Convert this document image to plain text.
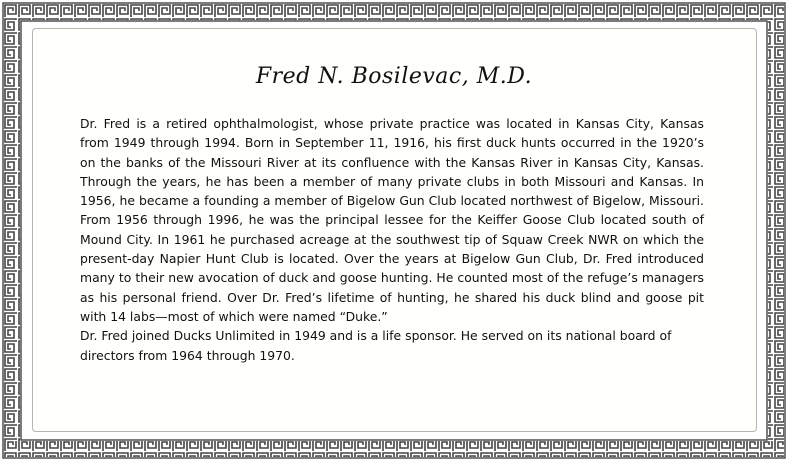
Fred N. Bosilevac, M.D.

Dr. Fred is a retired ophthalmologist, whose private practice was located in Kansas City, Kansas from 1949 through 1994. Born in September 11, 1916, his first duck hunts occurred in the 1920’s on the banks of the Missouri River at its confluence with the Kansas River in Kansas City, Kansas. Through the years, he has been a member of many private clubs in both Missouri and Kansas. In 1956, he became a founding a member of Bigelow Gun Club located northwest of Bigelow, Missouri. From 1956 through 1996, he was the principal lessee for the Keiffer Goose Club located south of Mound City. In 1961 he purchased acreage at the southwest tip of Squaw Creek NWR on which the present-day Napier Hunt Club is located. Over the years at Bigelow Gun Club, Dr. Fred introduced many to their new avocation of duck and goose hunting. He counted most of the refuge’s managers as his personal friend. Over Dr. Fred’s lifetime of hunting, he shared his duck blind and goose pit with 14 labs—most of which were named “Duke.”

Dr. Fred joined Ducks Unlimited in 1949 and is a life sponsor. He served on its national board of directors from 1964 through 1970.
